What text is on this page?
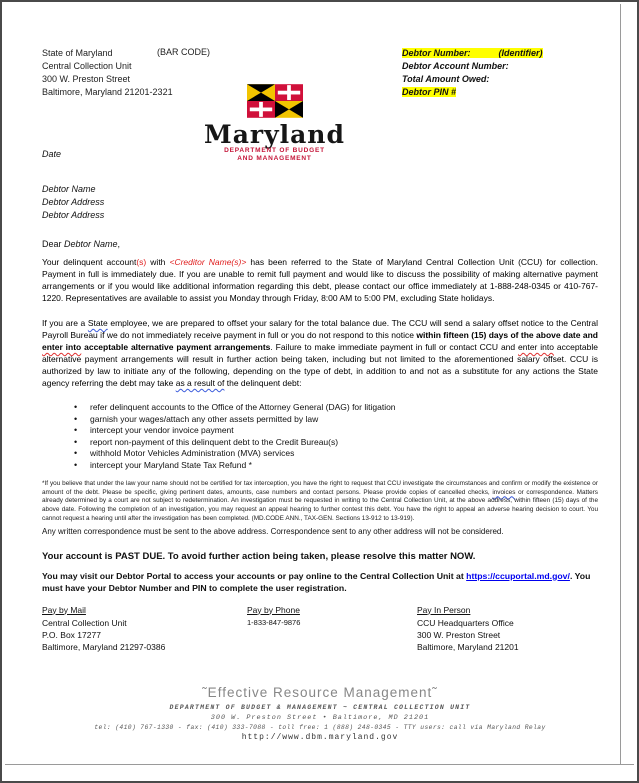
State of Maryland
Central Collection Unit
300 W. Preston Street
Baltimore, Maryland 21201-2321
(BAR CODE)	Debtor Number:	(Identifier)
Debtor Account Number:
Total Amount Owed:
Debtor PIN #
Maryland
DEPARTMENT OF BUDGET
AND MANAGEMENT
Date
Debtor Name
Debtor Address
Debtor Address
Dear Debtor Name,
Your delinquent account(s) with <Creditor Name(s)> has been referred to the State of Maryland Central Collection Unit (CCU) for collection. Payment in full is immediately due. If you are unable to remit full payment and would like to discuss the possibility of making alternative payment arrangements or if you would like additional information regarding this debt, please contact our office immediately at 1-888-248-0345 or 410-767-1220. Representatives are available to assist you Monday through Friday, 8:00 AM to 5:00 PM, excluding State holidays.
If you are a State employee, we are prepared to offset your salary for the total balance due. The CCU will send a salary offset notice to the Central Payroll Bureau if we do not immediately receive payment in full or you do not respond to this notice within fifteen (15) days of the above date and enter into acceptable alternative payment arrangements. Failure to make immediate payment in full or contact CCU and enter into acceptable alternative payment arrangements will result in further action being taken, including but not limited to the aforementioned salary offset. CCU is authorized by law to initiate any of the following, depending on the type of debt, in addition to and not as a substitute for any actions the State agency referring the debt may take as a result of the delinquent debt:
• refer delinquent accounts to the Office of the Attorney General (DAG) for litigation
• garnish your wages/attach any other assets permitted by law
• intercept your vendor invoice payment
• report non-payment of this delinquent debt to the Credit Bureau(s)
• withhold Motor Vehicles Administration (MVA) services
• intercept your Maryland State Tax Refund *
*If you believe that under the law your name should not be certified for tax interception, you have the right to request that CCU investigate the circumstances and confirm or modify the existence or amount of the debt. Please be specific, giving pertinent dates, amounts, case numbers and contact persons. Please provide copies of cancelled checks, invoices or correspondence. Matters already determined by a court are not subject to redetermination. An investigation must be requested in writing to the Central Collection Unit, at the above address, within fifteen (15) days of the above date. Following the completion of an investigation, you may request an appeal hearing to further contest this debt. You have the right to appeal an adverse hearing decision to court. You cannot request a hearing until after the investigation has been completed. (MD.CODE ANN., TAX-GEN. Sections 13-912 to 13-919).
Any written correspondence must be sent to the above address. Correspondence sent to any other address will not be considered.
Your account is PAST DUE. To avoid further action being taken, please resolve this matter NOW.
You may visit our Debtor Portal to access your accounts or pay online to the Central Collection Unit at https://ccuportal.md.gov/. You must have your Debtor Number and PIN to complete the user registration.
Pay by Mail
Central Collection Unit
P.O. Box 17277
Baltimore, Maryland 21297-0386
Pay by Phone
1-833-847-9876
Pay In Person
CCU Headquarters Office
300 W. Preston Street
Baltimore, Maryland 21201
˜Effective Resource Management˜
DEPARTMENT OF BUDGET & MANAGEMENT ~ CENTRAL COLLECTION UNIT
300 W. Preston Street • Baltimore, MD 21201
tel: (410) 767-1330 - fax: (410) 333-7088 - toll free: 1 (888) 248-0345 - TTY users: call via Maryland Relay
http://www.dbm.maryland.gov
